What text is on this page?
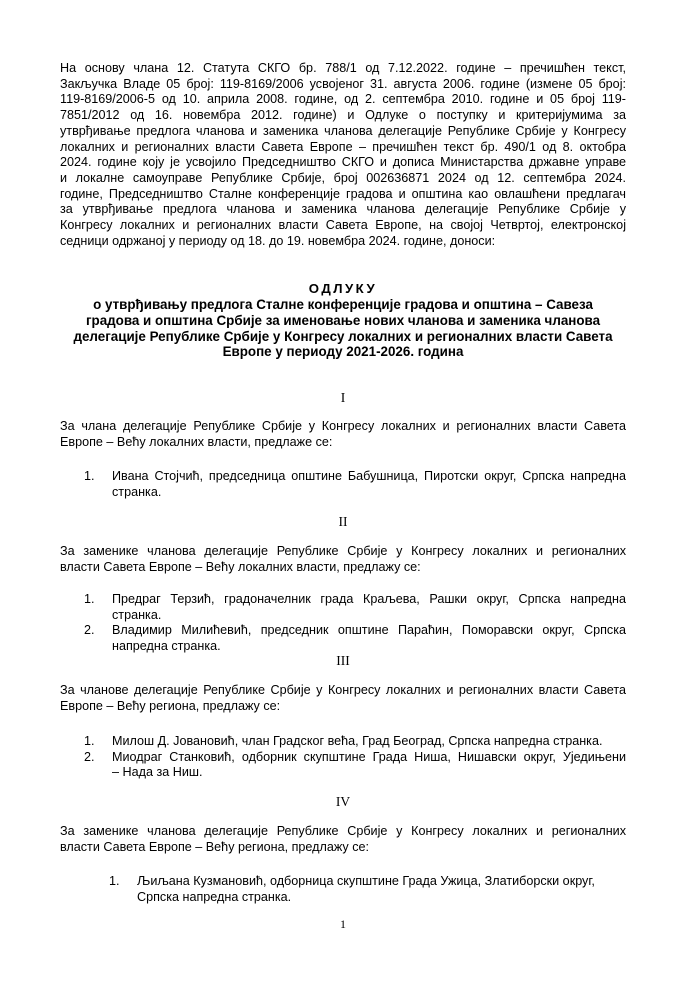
На основу члана 12. Статута СКГО бр. 788/1 од 7.12.2022. године – пречишћен текст,
Закључка Владе 05 број: 119-8169/2006 усвојеног 31. августа 2006. године (измене 05 број:
119-8169/2006-5 од 10. априла 2008. године, од 2. септембра 2010. године и 05 број 119-
7851/2012 од 16. новембра 2012. године) и Одлуке о поступку и критеријумима за
утврђивање предлога чланова и заменика чланова делегације Републике Србије у Конгресу
локалних и регионалних власти Савета Европе – пречишћен текст бр. 490/1 од 8. октобра
2024. године коју је усвојило Председништво СКГО и дописа Министарства државне управе
и локалне самоуправе Републике Србије, број 002636871 2024 од 12. септембра 2024.
године, Председништво Сталне конференције градова и општина као овлашћени предлагач
за утврђивање предлога чланова и заменика чланова делегације Републике Србије у
Конгресу локалних и регионалних власти Савета Европе, на својој Четвртој, електронској
седници одржаној у периоду од 18. до 19. новембра 2024. године, доноси:
ОДЛУКУ
о утврђивању предлога Сталне конференције градова и општина – Савеза
градова и општина Србије за именовање нових чланова и заменика чланова
делегације Републике Србије у Конгресу локалних и регионалних власти Савета
Европе у периоду 2021-2026. година
I
За члана делегације Републике Србије у Конгресу локалних и регионалних власти Савета
Европе – Већу локалних власти, предлаже се:
1. Ивана Стојчић, председница општине Бабушница, Пиротски округ, Српска напредна
странка.
II
За заменике чланова делегације Републике Србије у Конгресу локалних и регионалних
власти Савета Европе – Већу локалних власти, предлажу се:
1. Предраг Терзић, градоначелник града Краљева, Рашки округ, Српска напредна
странка.
2. Владимир Милићевић, председник општине Параћин, Поморавски округ, Српска
напредна странка.
III
За чланове делегације Републике Србије у Конгресу локалних и регионалних власти Савета
Европе – Већу региона, предлажу се:
1. Милош Д. Јовановић, члан Градског већа, Град Београд, Српска напредна странка.
2. Миодраг Станковић, одборник скупштине Града Ниша, Нишавски округ, Уједињени
– Нада за Ниш.
IV
За заменике чланова делегације Републике Србије у Конгресу локалних и регионалних
власти Савета Европе – Већу региона, предлажу се:
1. Љиљана Кузмановић, одборница скупштине Града Ужица, Златиборски округ,
Српска напредна странка.
1
